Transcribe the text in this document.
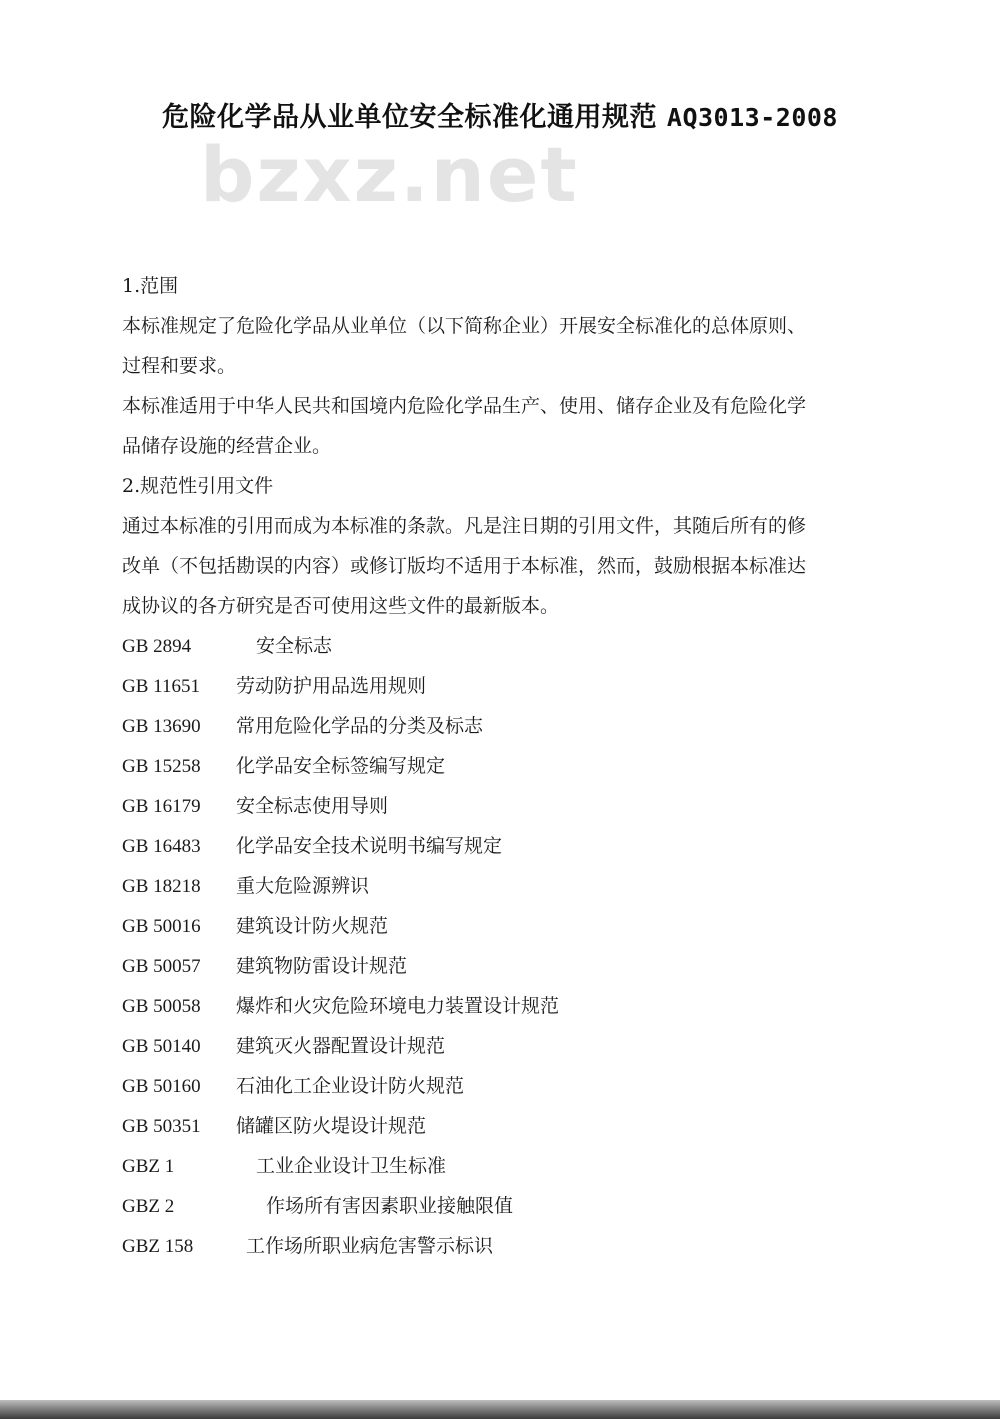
危险化学品从业单位安全标准化通用规范 AQ3013-2008
bzxz.net
1.范围
本标准规定了危险化学品从业单位（以下简称企业）开展安全标准化的总体原则、
过程和要求。
本标准适用于中华人民共和国境内危险化学品生产、使用、储存企业及有危险化学
品储存设施的经营企业。
2.规范性引用文件
通过本标准的引用而成为本标准的条款。凡是注日期的引用文件，其随后所有的修
改单（不包括勘误的内容）或修订版均不适用于本标准，然而，鼓励根据本标准达
成协议的各方研究是否可使用这些文件的最新版本。
GB 2894	安全标志
GB 11651 劳动防护用品选用规则
GB 13690 常用危险化学品的分类及标志
GB 15258 化学品安全标签编写规定
GB 16179 安全标志使用导则
GB 16483 化学品安全技术说明书编写规定
GB 18218 重大危险源辨识
GB 50016 建筑设计防火规范
GB 50057 建筑物防雷设计规范
GB 50058 爆炸和火灾危险环境电力装置设计规范
GB 50140 建筑灭火器配置设计规范
GB 50160 石油化工企业设计防火规范
GB 50351 储罐区防火堤设计规范
GBZ 1	工业企业设计卫生标准
GBZ 2	作场所有害因素职业接触限值
GBZ 158	工作场所职业病危害警示标识
